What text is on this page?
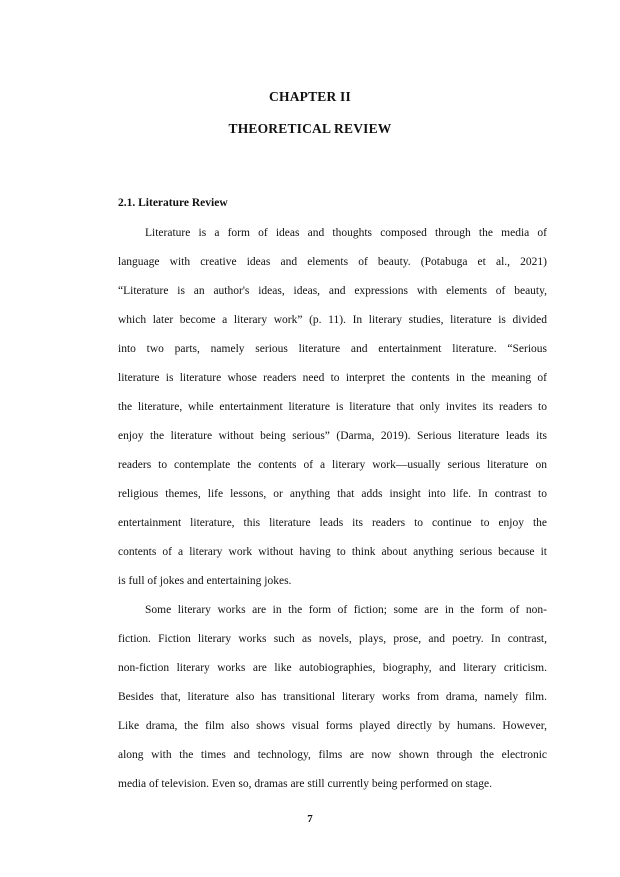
CHAPTER II
THEORETICAL REVIEW
2.1. Literature Review
Literature is a form of ideas and thoughts composed through the media of
language with creative ideas and elements of beauty. (Potabuga et al., 2021)
“Literature is an author's ideas, ideas, and expressions with elements of beauty,
which later become a literary work” (p. 11). In literary studies, literature is divided
into two parts, namely serious literature and entertainment literature. “Serious
literature is literature whose readers need to interpret the contents in the meaning of
the literature, while entertainment literature is literature that only invites its readers to
enjoy the literature without being serious” (Darma, 2019). Serious literature leads its
readers to contemplate the contents of a literary work—usually serious literature on
religious themes, life lessons, or anything that adds insight into life. In contrast to
entertainment literature, this literature leads its readers to continue to enjoy the
contents of a literary work without having to think about anything serious because it
is full of jokes and entertaining jokes.
Some literary works are in the form of fiction; some are in the form of non-
fiction. Fiction literary works such as novels, plays, prose, and poetry. In contrast,
non-fiction literary works are like autobiographies, biography, and literary criticism.
Besides that, literature also has transitional literary works from drama, namely film.
Like drama, the film also shows visual forms played directly by humans. However,
along with the times and technology, films are now shown through the electronic
media of television. Even so, dramas are still currently being performed on stage.
7
